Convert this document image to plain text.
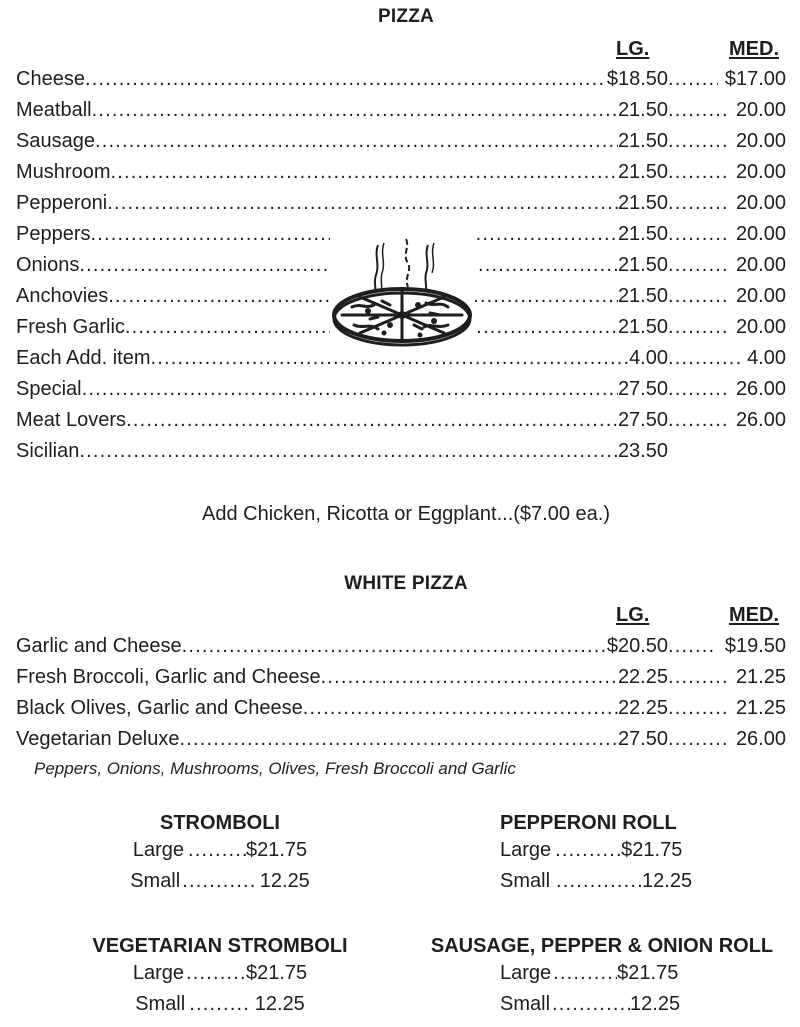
PIZZA
LG.	MED.
Cheese .....	$18.50 .....	$17.00
Meatball .....	21.50 .....	20.00
Sausage .....	21.50 .....	20.00
Mushroom .....	21.50 .....	20.00
Pepperoni .....	21.50 .....	20.00
Peppers .....	21.50 .....	20.00
Onions .....	21.50 .....	20.00
Anchovies .....	21.50 .....	20.00
Fresh Garlic .....	21.50 .....	20.00
Each Add. item .....	4.00 .....	4.00
Special .....	27.50 .....	26.00
Meat Lovers .....	27.50 .....	26.00
Sicilian .....	23.50
Add Chicken, Ricotta or Eggplant...($7.00 ea.)
WHITE PIZZA
LG.	MED.
Garlic and Cheese .....	$20.50 .....	$19.50
Fresh Broccoli, Garlic and Cheese .....	22.25 .....	21.25
Black Olives, Garlic and Cheese .....	22.25 .....	21.25
Vegetarian Deluxe .....	27.50 .....	26.00
Peppers, Onions, Mushrooms, Olives, Fresh Broccoli and Garlic
STROMBOLI
Large .....	$21.75
Small .....	12.25
PEPPERONI ROLL
Large .....	$21.75
Small .....	12.25
VEGETARIAN STROMBOLI
Large .....	$21.75
Small .....	12.25
SAUSAGE, PEPPER & ONION ROLL
Large .....	$21.75
Small .....	12.25
